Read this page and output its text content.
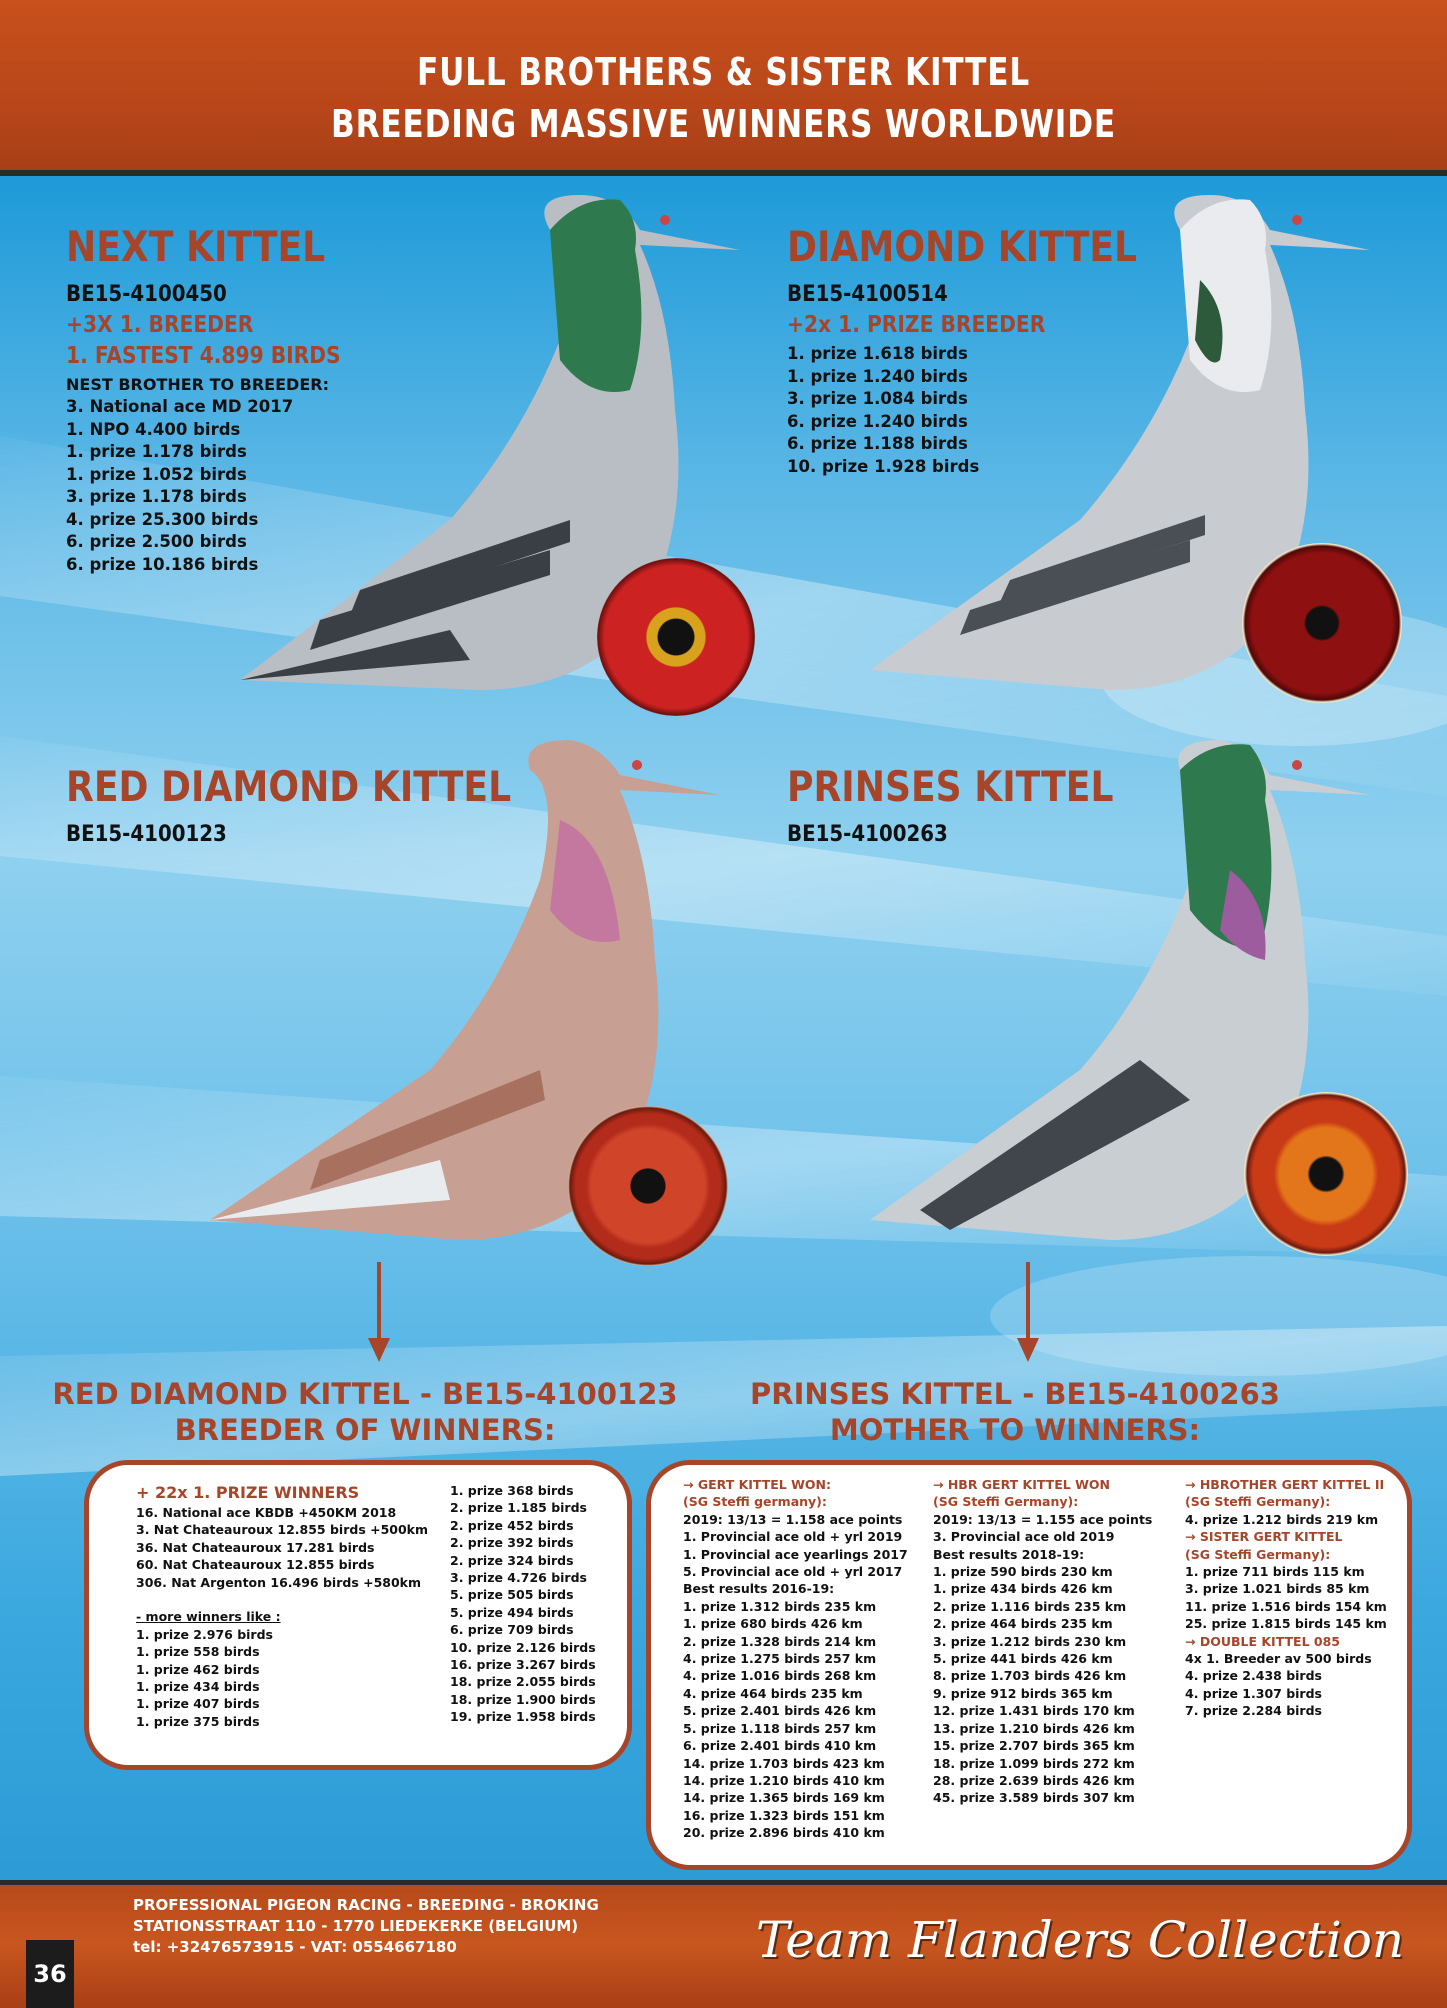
FULL BROTHERS & SISTER KITTEL
BREEDING MASSIVE WINNERS WORLDWIDE
NEXT KITTEL
BE15-4100450
+3X 1. BREEDER
1. FASTEST 4.899 BIRDS
NEST BROTHER TO BREEDER:
3. National ace MD 2017
1. NPO 4.400 birds
1. prize 1.178 birds
1. prize 1.052 birds
3. prize 1.178 birds
4. prize 25.300 birds
6. prize 2.500 birds
6. prize 10.186 birds
DIAMOND KITTEL
BE15-4100514
+2x 1. PRIZE BREEDER
1. prize 1.618 birds
1. prize 1.240 birds
3. prize 1.084 birds
6. prize 1.240 birds
6. prize 1.188 birds
10. prize 1.928 birds
RED DIAMOND KITTEL
BE15-4100123
PRINSES KITTEL
BE15-4100263
RED DIAMOND KITTEL - BE15-4100123
BREEDER OF WINNERS:
PRINSES KITTEL - BE15-4100263
MOTHER TO WINNERS:
+ 22x 1. PRIZE WINNERS
16. National ace KBDB +450KM 2018
3. Nat Chateauroux 12.855 birds +500km
36. Nat Chateauroux 17.281 birds
60. Nat Chateauroux 12.855 birds
306. Nat Argenton 16.496 birds +580km
- more winners like :
1. prize 2.976 birds
1. prize 558 birds
1. prize 462 birds
1. prize 434 birds
1. prize 407 birds
1. prize 375 birds
1. prize 368 birds
2. prize 1.185 birds
2. prize 452 birds
2. prize 392 birds
2. prize 324 birds
3. prize 4.726 birds
5. prize 505 birds
5. prize 494 birds
6. prize 709 birds
10. prize 2.126 birds
16. prize 3.267 birds
18. prize 2.055 birds
18. prize 1.900 birds
19. prize 1.958 birds
→ GERT KITTEL WON:
(SG Steffi germany):
2019: 13/13 = 1.158 ace points
1. Provincial ace old + yrl 2019
1. Provincial ace yearlings 2017
5. Provincial ace old + yrl 2017
Best results 2016-19:
1. prize 1.312 birds 235 km
1. prize 680 birds 426 km
2. prize 1.328 birds 214 km
4. prize 1.275 birds 257 km
4. prize 1.016 birds 268 km
4. prize 464 birds 235 km
5. prize 2.401 birds 426 km
5. prize 1.118 birds 257 km
6. prize 2.401 birds 410 km
14. prize 1.703 birds 423 km
14. prize 1.210 birds 410 km
14. prize 1.365 birds 169 km
16. prize 1.323 birds 151 km
20. prize 2.896 birds 410 km
→ HBR GERT KITTEL WON
(SG Steffi Germany):
2019: 13/13 = 1.155 ace points
3. Provincial ace old 2019
Best results 2018-19:
1. prize 590 birds 230 km
1. prize 434 birds 426 km
2. prize 1.116 birds 235 km
2. prize 464 birds 235 km
3. prize 1.212 birds 230 km
5. prize 441 birds 426 km
8. prize 1.703 birds 426 km
9. prize 912 birds 365 km
12. prize 1.431 birds 170 km
13. prize 1.210 birds 426 km
15. prize 2.707 birds 365 km
18. prize 1.099 birds 272 km
28. prize 2.639 birds 426 km
45. prize 3.589 birds 307 km
→ HBROTHER GERT KITTEL II
(SG Steffi Germany):
4. prize 1.212 birds 219 km
→ SISTER GERT KITTEL
(SG Steffi Germany):
1. prize 711 birds 115 km
3. prize 1.021 birds 85 km
11. prize 1.516 birds 154 km
25. prize 1.815 birds 145 km
→ DOUBLE KITTEL 085
4x 1. Breeder av 500 birds
4. prize 2.438 birds
4. prize 1.307 birds
7. prize 2.284 birds
PROFESSIONAL PIGEON RACING - BREEDING - BROKING
STATIONSSTRAAT 110 - 1770 LIEDEKERKE (BELGIUM)
tel: +32476573915 - VAT: 0554667180	Team Flanders Collection
36
